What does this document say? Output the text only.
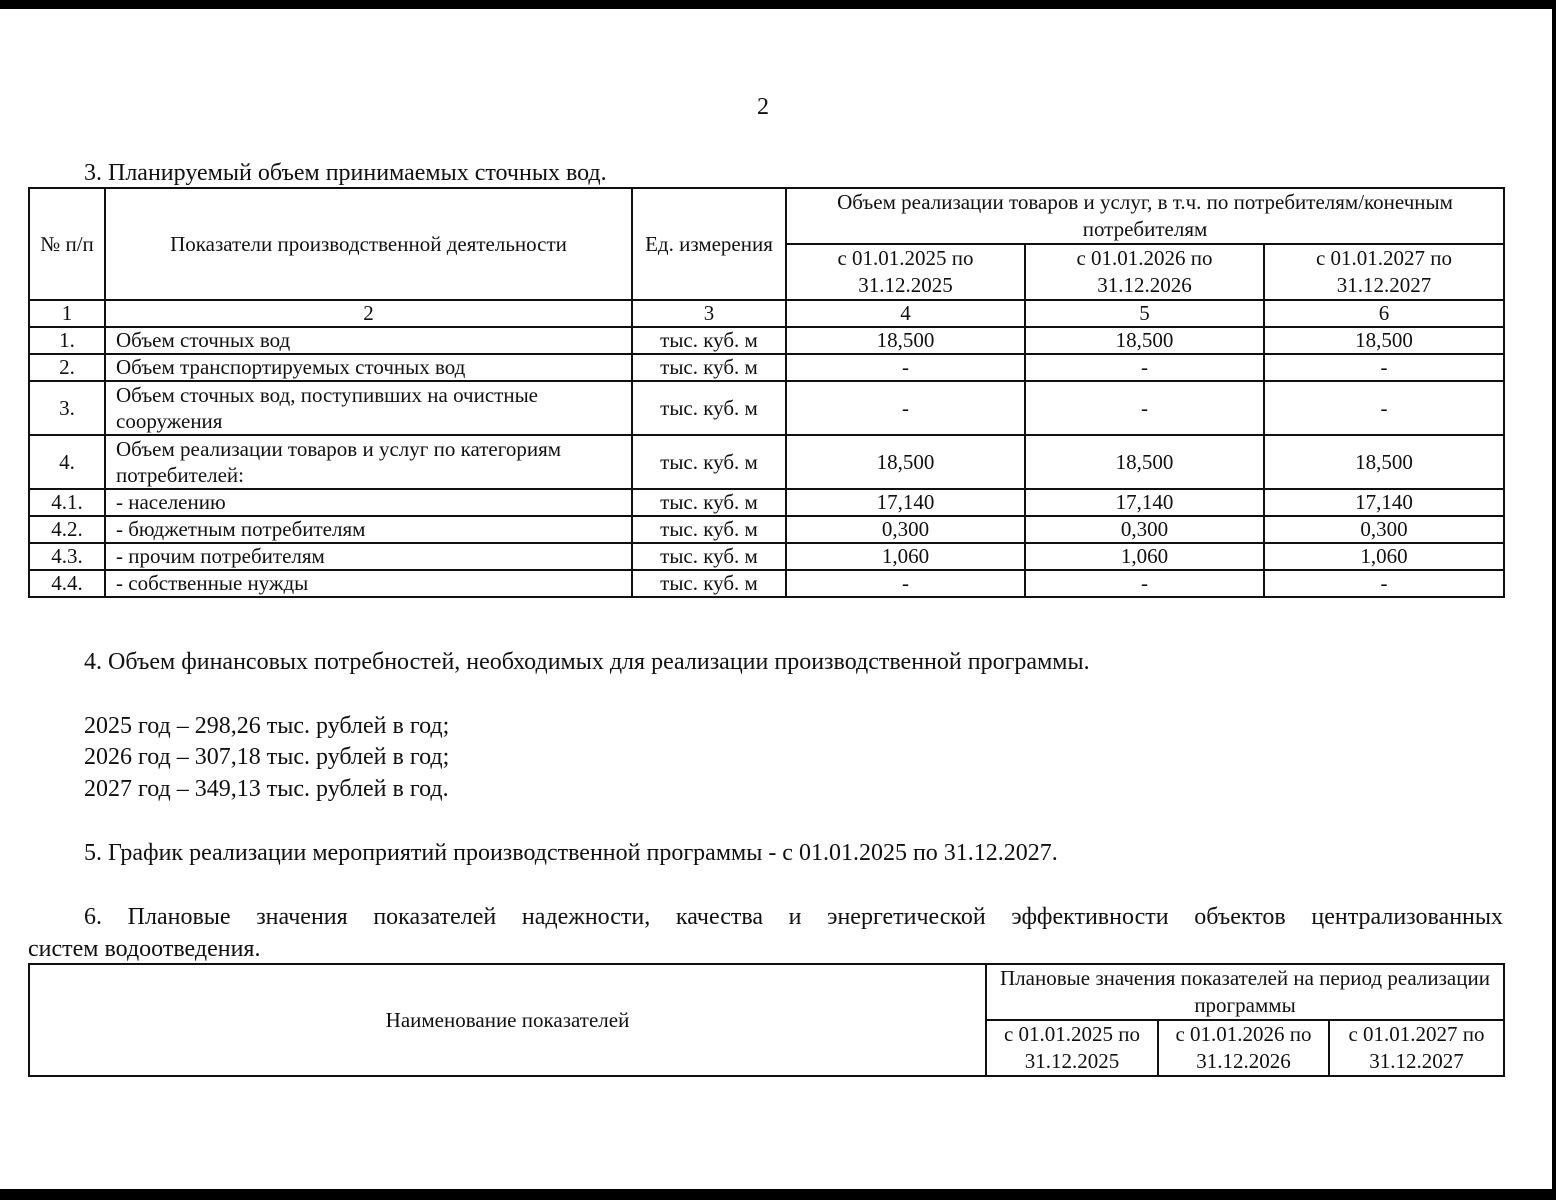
2
3. Планируемый объем принимаемых сточных вод.
№ п/п	Показатели производственной деятельности	Ед. измерения	Объем реализации товаров и услуг, в т.ч. по потребителям/конечным потребителям		
			с 01.01.2025 по 31.12.2025	с 01.01.2026 по 31.12.2026	с 01.01.2027 по 31.12.2027
1	2	3	4	5	6
1.	Объем сточных вод	тыс. куб. м	18,500	18,500	18,500
2.	Объем транспортируемых сточных вод	тыс. куб. м	-	-	-
3.	Объем сточных вод, поступивших на очистные сооружения	тыс. куб. м	-	-	-
4.	Объем реализации товаров и услуг по категориям потребителей:	тыс. куб. м	18,500	18,500	18,500
4.1.	- населению	тыс. куб. м	17,140	17,140	17,140
4.2.	- бюджетным потребителям	тыс. куб. м	0,300	0,300	0,300
4.3.	- прочим потребителям	тыс. куб. м	1,060	1,060	1,060
4.4.	- собственные нужды	тыс. куб. м	-	-	-
4. Объем финансовых потребностей, необходимых для реализации производственной программы.
2025 год – 298,26 тыс. рублей в год;
2026 год – 307,18 тыс. рублей в год;
2027 год – 349,13 тыс. рублей в год.
5. График реализации мероприятий производственной программы - с 01.01.2025 по 31.12.2027.
6. Плановые значения показателей надежности, качества и энергетической эффективности объектов централизованных
систем водоотведения.
Наименование показателей	Плановые значения показателей на период реализации программы		
	с 01.01.2025 по 31.12.2025	с 01.01.2026 по 31.12.2026	с 01.01.2027 по 31.12.2027
